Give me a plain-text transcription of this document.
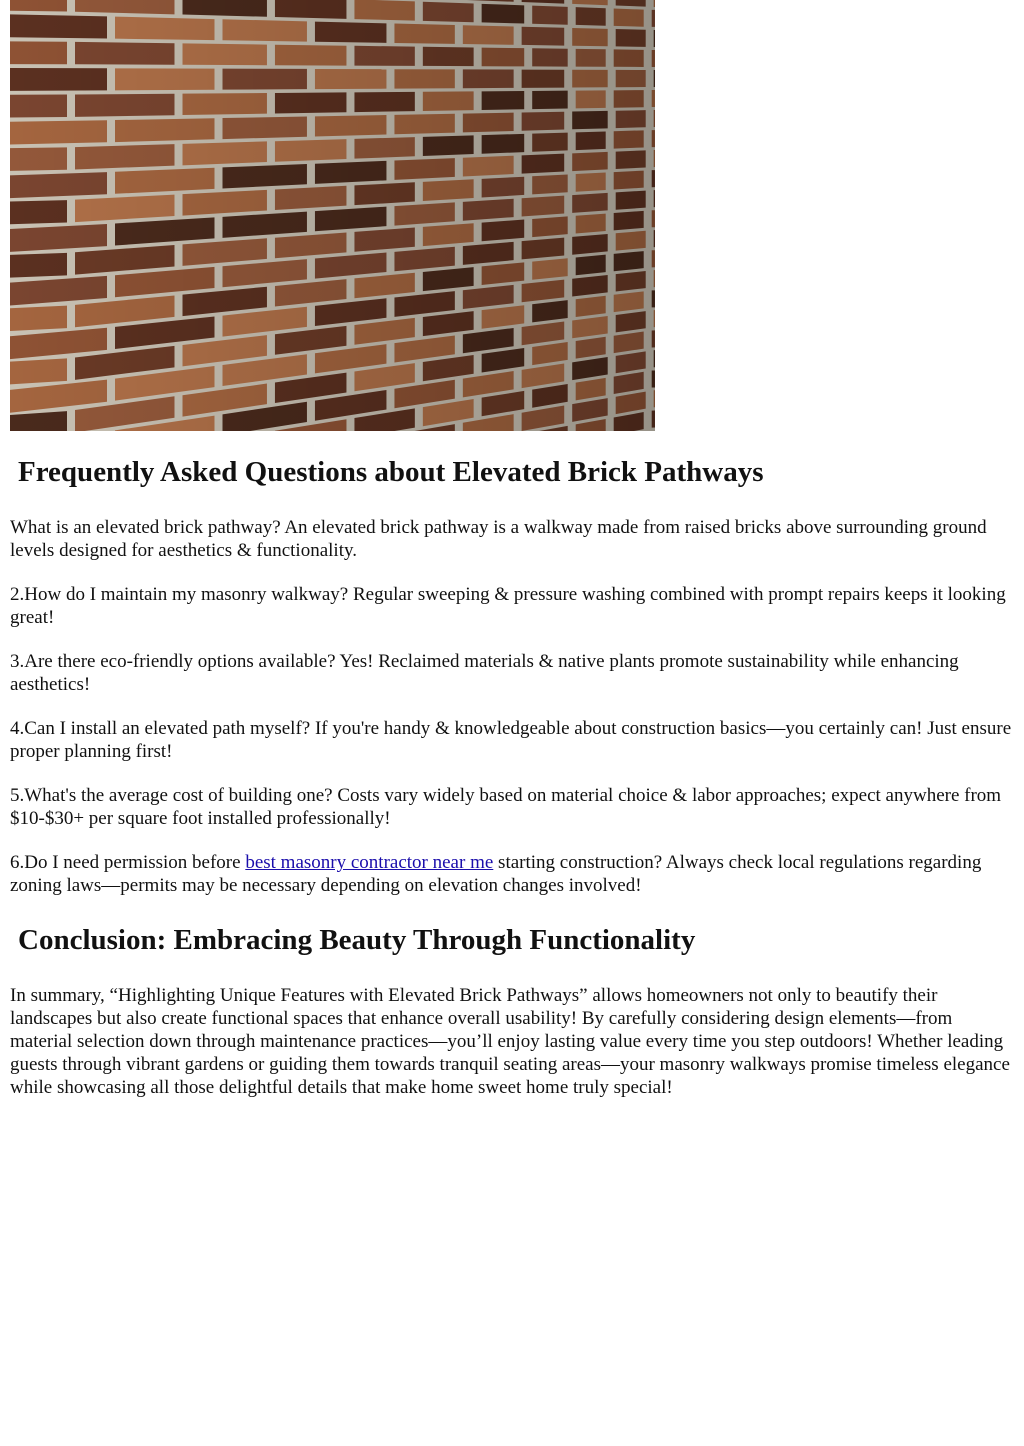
Frequently Asked Questions about Elevated Brick Pathways

What is an elevated brick pathway? An elevated brick pathway is a walkway made from raised bricks above surrounding ground levels designed for aesthetics & functionality.

2.How do I maintain my masonry walkway? Regular sweeping & pressure washing combined with prompt repairs keeps it looking great!

3.Are there eco-friendly options available? Yes! Reclaimed materials & native plants promote sustainability while enhancing aesthetics!

4.Can I install an elevated path myself? If you're handy & knowledgeable about construction basics—you certainly can! Just ensure proper planning first!

5.What's the average cost of building one? Costs vary widely based on material choice & labor approaches; expect anywhere from $10-$30+ per square foot installed professionally!

6.Do I need permission before best masonry contractor near me starting construction? Always check local regulations regarding zoning laws—permits may be necessary depending on elevation changes involved!

Conclusion: Embracing Beauty Through Functionality

In summary, “Highlighting Unique Features with Elevated Brick Pathways” allows homeowners not only to beautify their landscapes but also create functional spaces that enhance overall usability! By carefully considering design elements—from material selection down through maintenance practices—you’ll enjoy lasting value every time you step outdoors! Whether leading guests through vibrant gardens or guiding them towards tranquil seating areas—your masonry walkways promise timeless elegance while showcasing all those delightful details that make home sweet home truly special!
